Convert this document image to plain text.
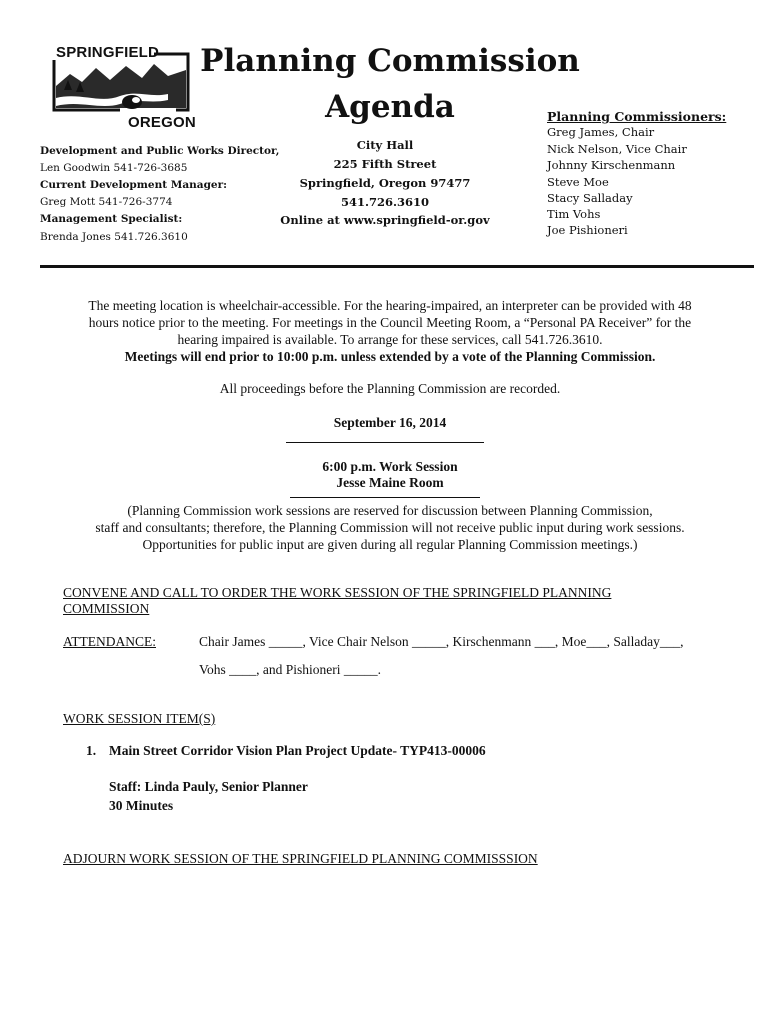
SPRINGFIELD
OREGON
Planning Commission
Agenda
Development and Public Works Director,
Len Goodwin 541-726-3685
Current Development Manager:
Greg Mott 541-726-3774
Management Specialist:
Brenda Jones 541.726.3610
City Hall
225 Fifth Street
Springfield, Oregon 97477
541.726.3610
Online at www.springfield-or.gov
Planning Commissioners:
Greg James, Chair
Nick Nelson, Vice Chair
Johnny Kirschenmann
Steve Moe
Stacy Salladay
Tim Vohs
Joe Pishioneri
The meeting location is wheelchair-accessible. For the hearing-impaired, an interpreter can be provided with 48
hours notice prior to the meeting. For meetings in the Council Meeting Room, a “Personal PA Receiver” for the
hearing impaired is available. To arrange for these services, call 541.726.3610.
Meetings will end prior to 10:00 p.m. unless extended by a vote of the Planning Commission.
All proceedings before the Planning Commission are recorded.
September 16, 2014
6:00 p.m. Work Session
Jesse Maine Room
(Planning Commission work sessions are reserved for discussion between Planning Commission,
staff and consultants; therefore, the Planning Commission will not receive public input during work sessions.
Opportunities for public input are given during all regular Planning Commission meetings.)
CONVENE AND CALL TO ORDER THE WORK SESSION OF THE SPRINGFIELD PLANNING
COMMISSION
ATTENDANCE:	Chair James _____, Vice Chair Nelson _____, Kirschenmann ___, Moe___, Salladay___,
Vohs ____, and Pishioneri _____.
WORK SESSION ITEM(S)
1. Main Street Corridor Vision Plan Project Update- TYP413-00006
Staff: Linda Pauly, Senior Planner
30 Minutes
ADJOURN WORK SESSION OF THE SPRINGFIELD PLANNING COMMISSSION
